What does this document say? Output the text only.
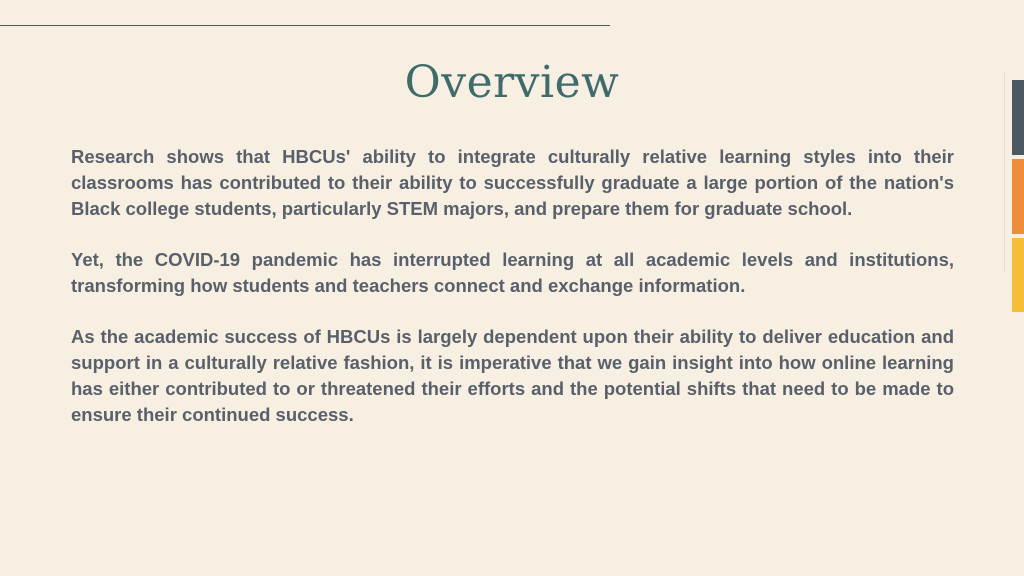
Overview

Research shows that HBCUs' ability to integrate culturally relative learning styles into their classrooms has contributed to their ability to successfully graduate a large portion of the nation's Black college students, particularly STEM majors, and prepare them for graduate school.

Yet, the COVID-19 pandemic has interrupted learning at all academic levels and institutions, transforming how students and teachers connect and exchange information.

As the academic success of HBCUs is largely dependent upon their ability to deliver education and support in a culturally relative fashion, it is imperative that we gain insight into how online learning has either contributed to or threatened their efforts and the potential shifts that need to be made to ensure their continued success.
